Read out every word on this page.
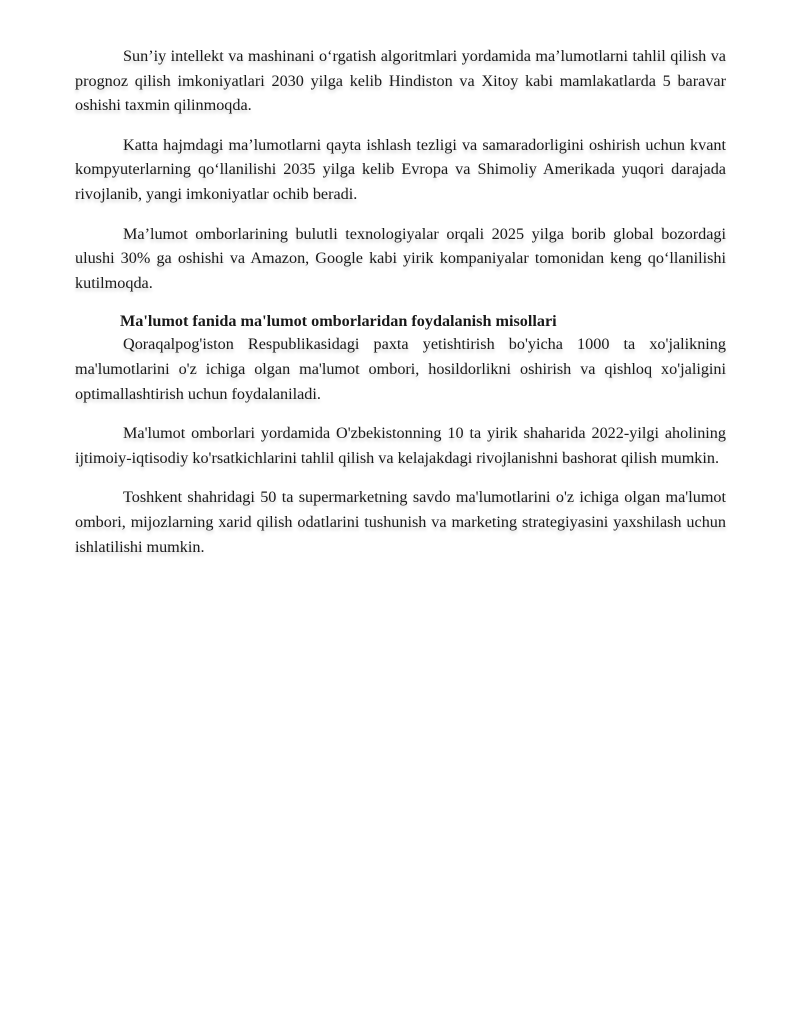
Sun’iy intellekt va mashinani o‘rgatish algoritmlari yordamida ma’lumotlarni tahlil qilish va prognoz qilish imkoniyatlari 2030 yilga kelib Hindiston va Xitoy kabi mamlakatlarda 5 baravar oshishi taxmin qilinmoqda.

Katta hajmdagi ma’lumotlarni qayta ishlash tezligi va samaradorligini oshirish uchun kvant kompyuterlarning qo‘llanilishi 2035 yilga kelib Evropa va Shimoliy Amerikada yuqori darajada rivojlanib, yangi imkoniyatlar ochib beradi.

Ma’lumot omborlarining bulutli texnologiyalar orqali 2025 yilga borib global bozordagi ulushi 30% ga oshishi va Amazon, Google kabi yirik kompaniyalar tomonidan keng qo‘llanilishi kutilmoqda.

Ma'lumot fanida ma'lumot omborlaridan foydalanish misollari

Qoraqalpog'iston Respublikasidagi paxta yetishtirish bo'yicha 1000 ta xo'jalikning ma'lumotlarini o'z ichiga olgan ma'lumot ombori, hosildorlikni oshirish va qishloq xo'jaligini optimallashtirish uchun foydalaniladi.

Ma'lumot omborlari yordamida O'zbekistonning 10 ta yirik shaharida 2022-yilgi aholining ijtimoiy-iqtisodiy ko'rsatkichlarini tahlil qilish va kelajakdagi rivojlanishni bashorat qilish mumkin.

Toshkent shahridagi 50 ta supermarketning savdo ma'lumotlarini o'z ichiga olgan ma'lumot ombori, mijozlarning xarid qilish odatlarini tushunish va marketing strategiyasini yaxshilash uchun ishlatilishi mumkin.
